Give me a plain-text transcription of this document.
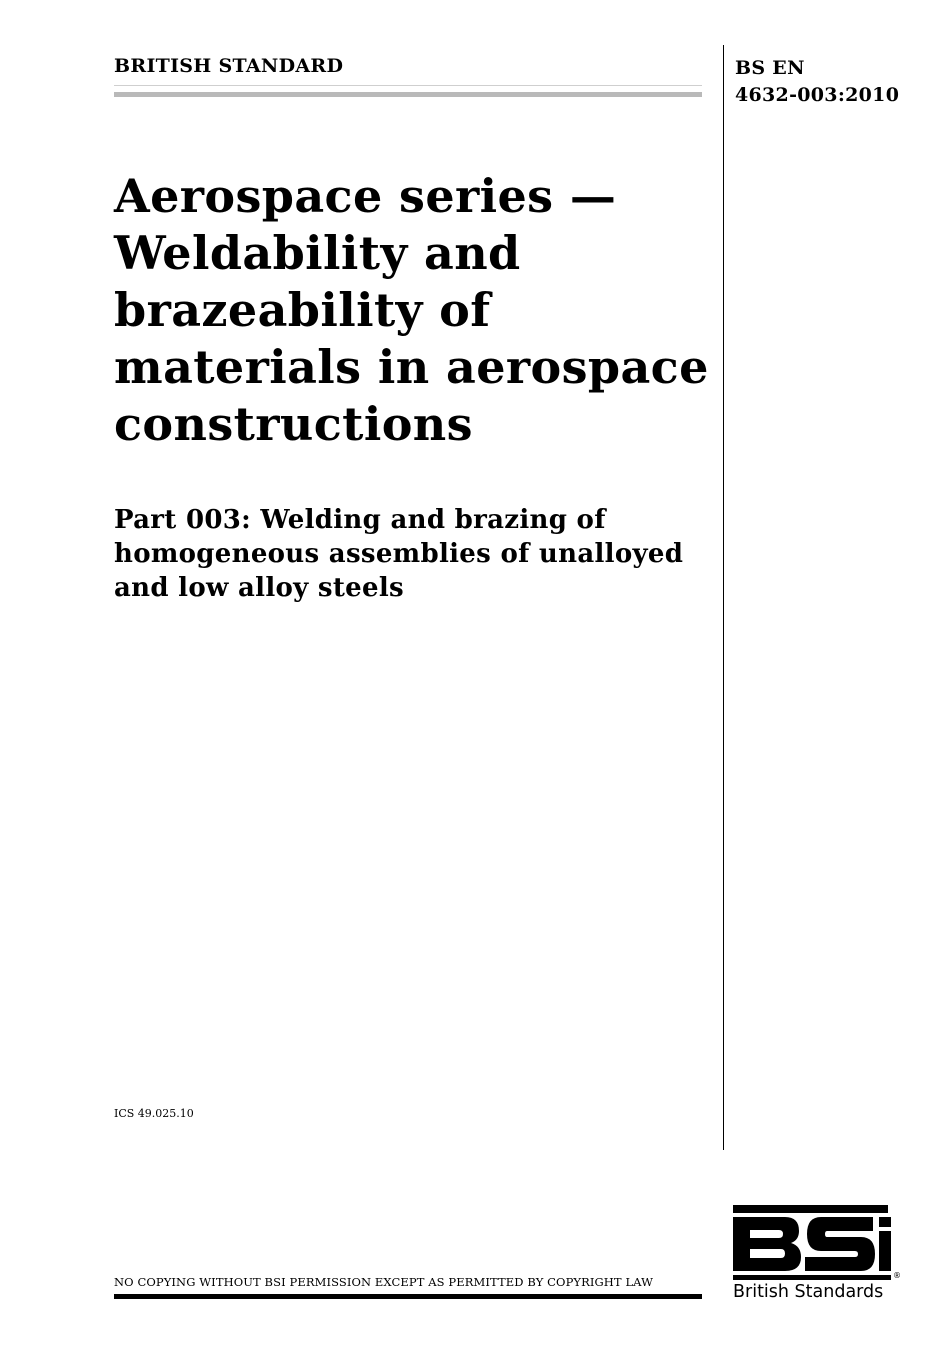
BRITISH STANDARD	BS EN
4632-003:2010
Aerospace series — Weldability and brazeability of materials in aerospace constructions
Part 003: Welding and brazing of homogeneous assemblies of unalloyed and low alloy steels
ICS 49.025.10
NO COPYING WITHOUT BSI PERMISSION EXCEPT AS PERMITTED BY COPYRIGHT LAW	®
British Standards
